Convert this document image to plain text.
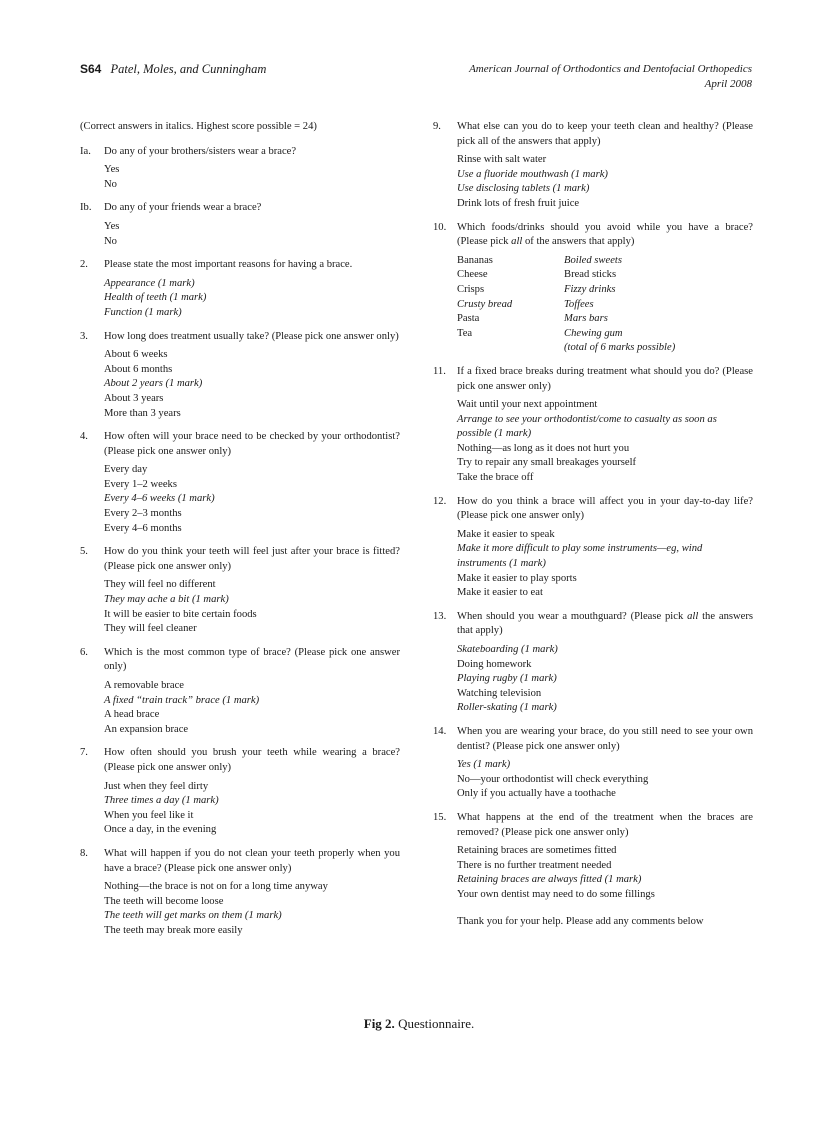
S64 Patel, Moles, and Cunningham	American Journal of Orthodontics and Dentofacial Orthopedics
April 2008
(Correct answers in italics. Highest score possible = 24)
Ia.	Do any of your brothers/sisters wear a brace?
Yes
No
Ib.	Do any of your friends wear a brace?
Yes
No
2.	Please state the most important reasons for having a brace.
Appearance (1 mark)
Health of teeth (1 mark)
Function (1 mark)
3.	How long does treatment usually take? (Please pick one answer only)
About 6 weeks
About 6 months
About 2 years (1 mark)
About 3 years
More than 3 years
4.	How often will your brace need to be checked by your orthodontist? (Please pick one answer only)
Every day
Every 1–2 weeks
Every 4–6 weeks (1 mark)
Every 2–3 months
Every 4–6 months
5.	How do you think your teeth will feel just after your brace is fitted? (Please pick one answer only)
They will feel no different
They may ache a bit (1 mark)
It will be easier to bite certain foods
They will feel cleaner
6.	Which is the most common type of brace? (Please pick one answer only)
A removable brace
A fixed “train track” brace (1 mark)
A head brace
An expansion brace
7.	How often should you brush your teeth while wearing a brace? (Please pick one answer only)
Just when they feel dirty
Three times a day (1 mark)
When you feel like it
Once a day, in the evening
8.	What will happen if you do not clean your teeth properly when you have a brace? (Please pick one answer only)
Nothing—the brace is not on for a long time anyway
The teeth will become loose
The teeth will get marks on them (1 mark)
The teeth may break more easily
9.	What else can you do to keep your teeth clean and healthy? (Please pick all of the answers that apply)
Rinse with salt water
Use a fluoride mouthwash (1 mark)
Use disclosing tablets (1 mark)
Drink lots of fresh fruit juice
10.	Which foods/drinks should you avoid while you have a brace? (Please pick all of the answers that apply)
Bananas	Boiled sweets
Cheese	Bread sticks
Crisps	Fizzy drinks
Crusty bread	Toffees
Pasta	Mars bars
Tea	Chewing gum
(total of 6 marks possible)
11.	If a fixed brace breaks during treatment what should you do? (Please pick one answer only)
Wait until your next appointment
Arrange to see your orthodontist/come to casualty as soon as possible (1 mark)
Nothing—as long as it does not hurt you
Try to repair any small breakages yourself
Take the brace off
12.	How do you think a brace will affect you in your day-to-day life? (Please pick one answer only)
Make it easier to speak
Make it more difficult to play some instruments—eg, wind instruments (1 mark)
Make it easier to play sports
Make it easier to eat
13.	When should you wear a mouthguard? (Please pick all the answers that apply)
Skateboarding (1 mark)
Doing homework
Playing rugby (1 mark)
Watching television
Roller-skating (1 mark)
14.	When you are wearing your brace, do you still need to see your own dentist? (Please pick one answer only)
Yes (1 mark)
No—your orthodontist will check everything
Only if you actually have a toothache
15.	What happens at the end of the treatment when the braces are removed? (Please pick one answer only)
Retaining braces are sometimes fitted
There is no further treatment needed
Retaining braces are always fitted (1 mark)
Your own dentist may need to do some fillings
Thank you for your help. Please add any comments below
Fig 2. Questionnaire.
